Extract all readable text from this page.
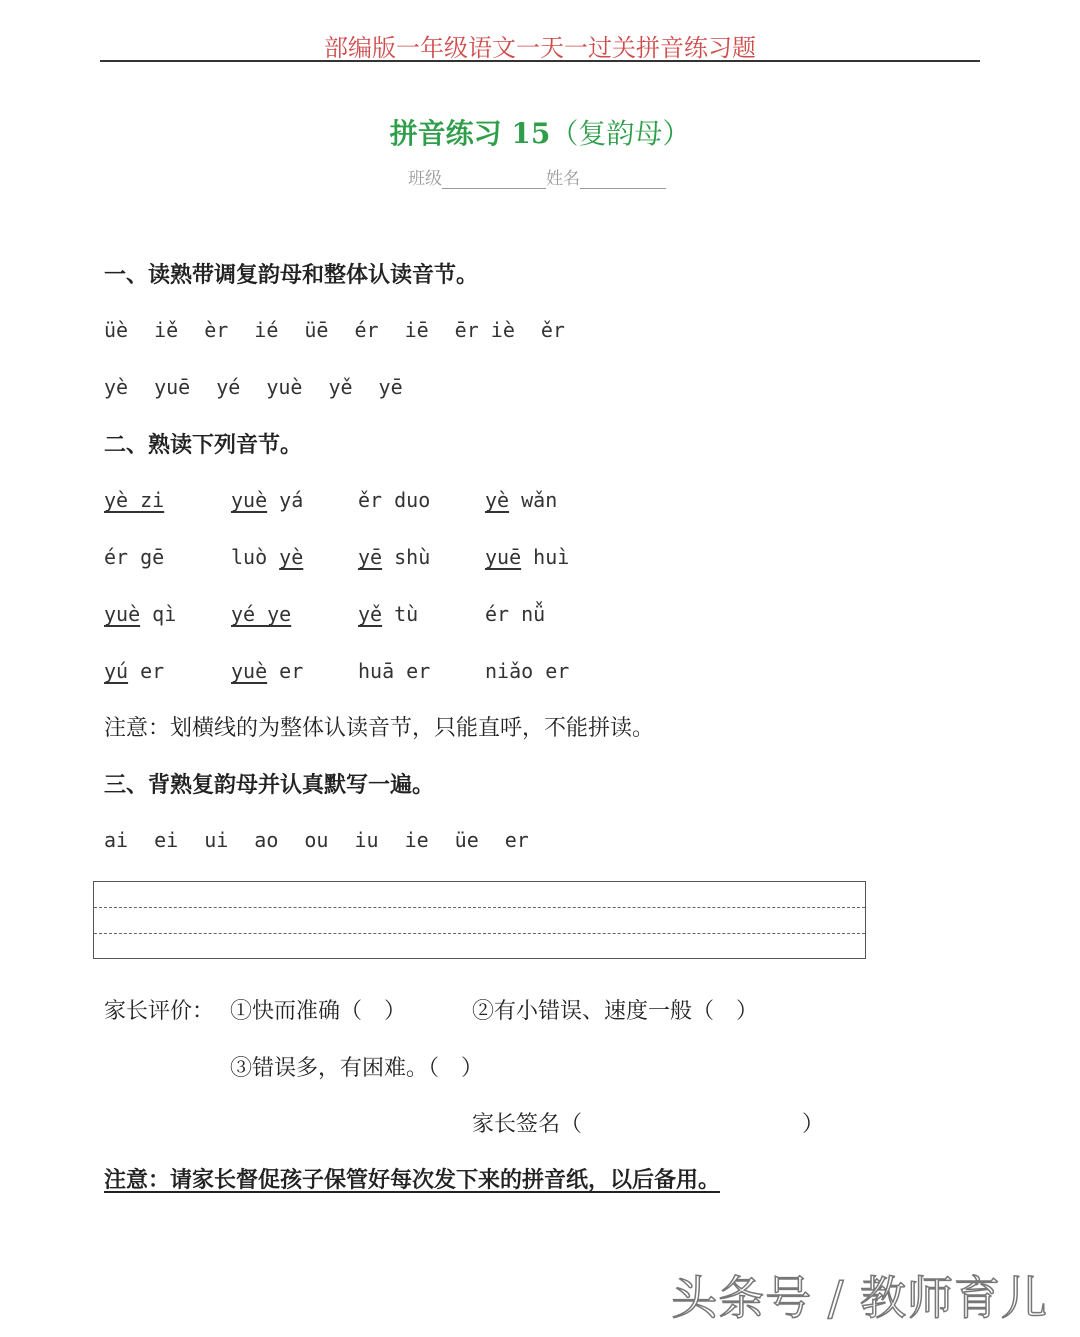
部编版一年级语文一天一过关拼音练习题
拼音练习 15（复韵母）
班级	姓名
一、读熟带调复韵母和整体认读音节。
üè iě èr ié üē ér iē ēr iè ěr
yè yuē yé yuè yě yē
二、熟读下列音节。
yè zi	yuè yá	ěr duo	yè wǎn
ér gē	luò yè	yē shù	yuē huì
yuè qì	yé ye	yě tù	ér nǚ
yú er	yuè er	huā er	niǎo er
注意：划横线的为整体认读音节，只能直呼，不能拼读。
三、背熟复韵母并认真默写一遍。
ai ei ui ao ou iu ie üe er
家长评价： ①快而准确（　）	②有小错误、速度一般（　）
③错误多，有困难。（　）
家长签名（　　　　　　　　　　）
注意：请家长督促孩子保管好每次发下来的拼音纸，以后备用。
头条号 / 教师育儿
